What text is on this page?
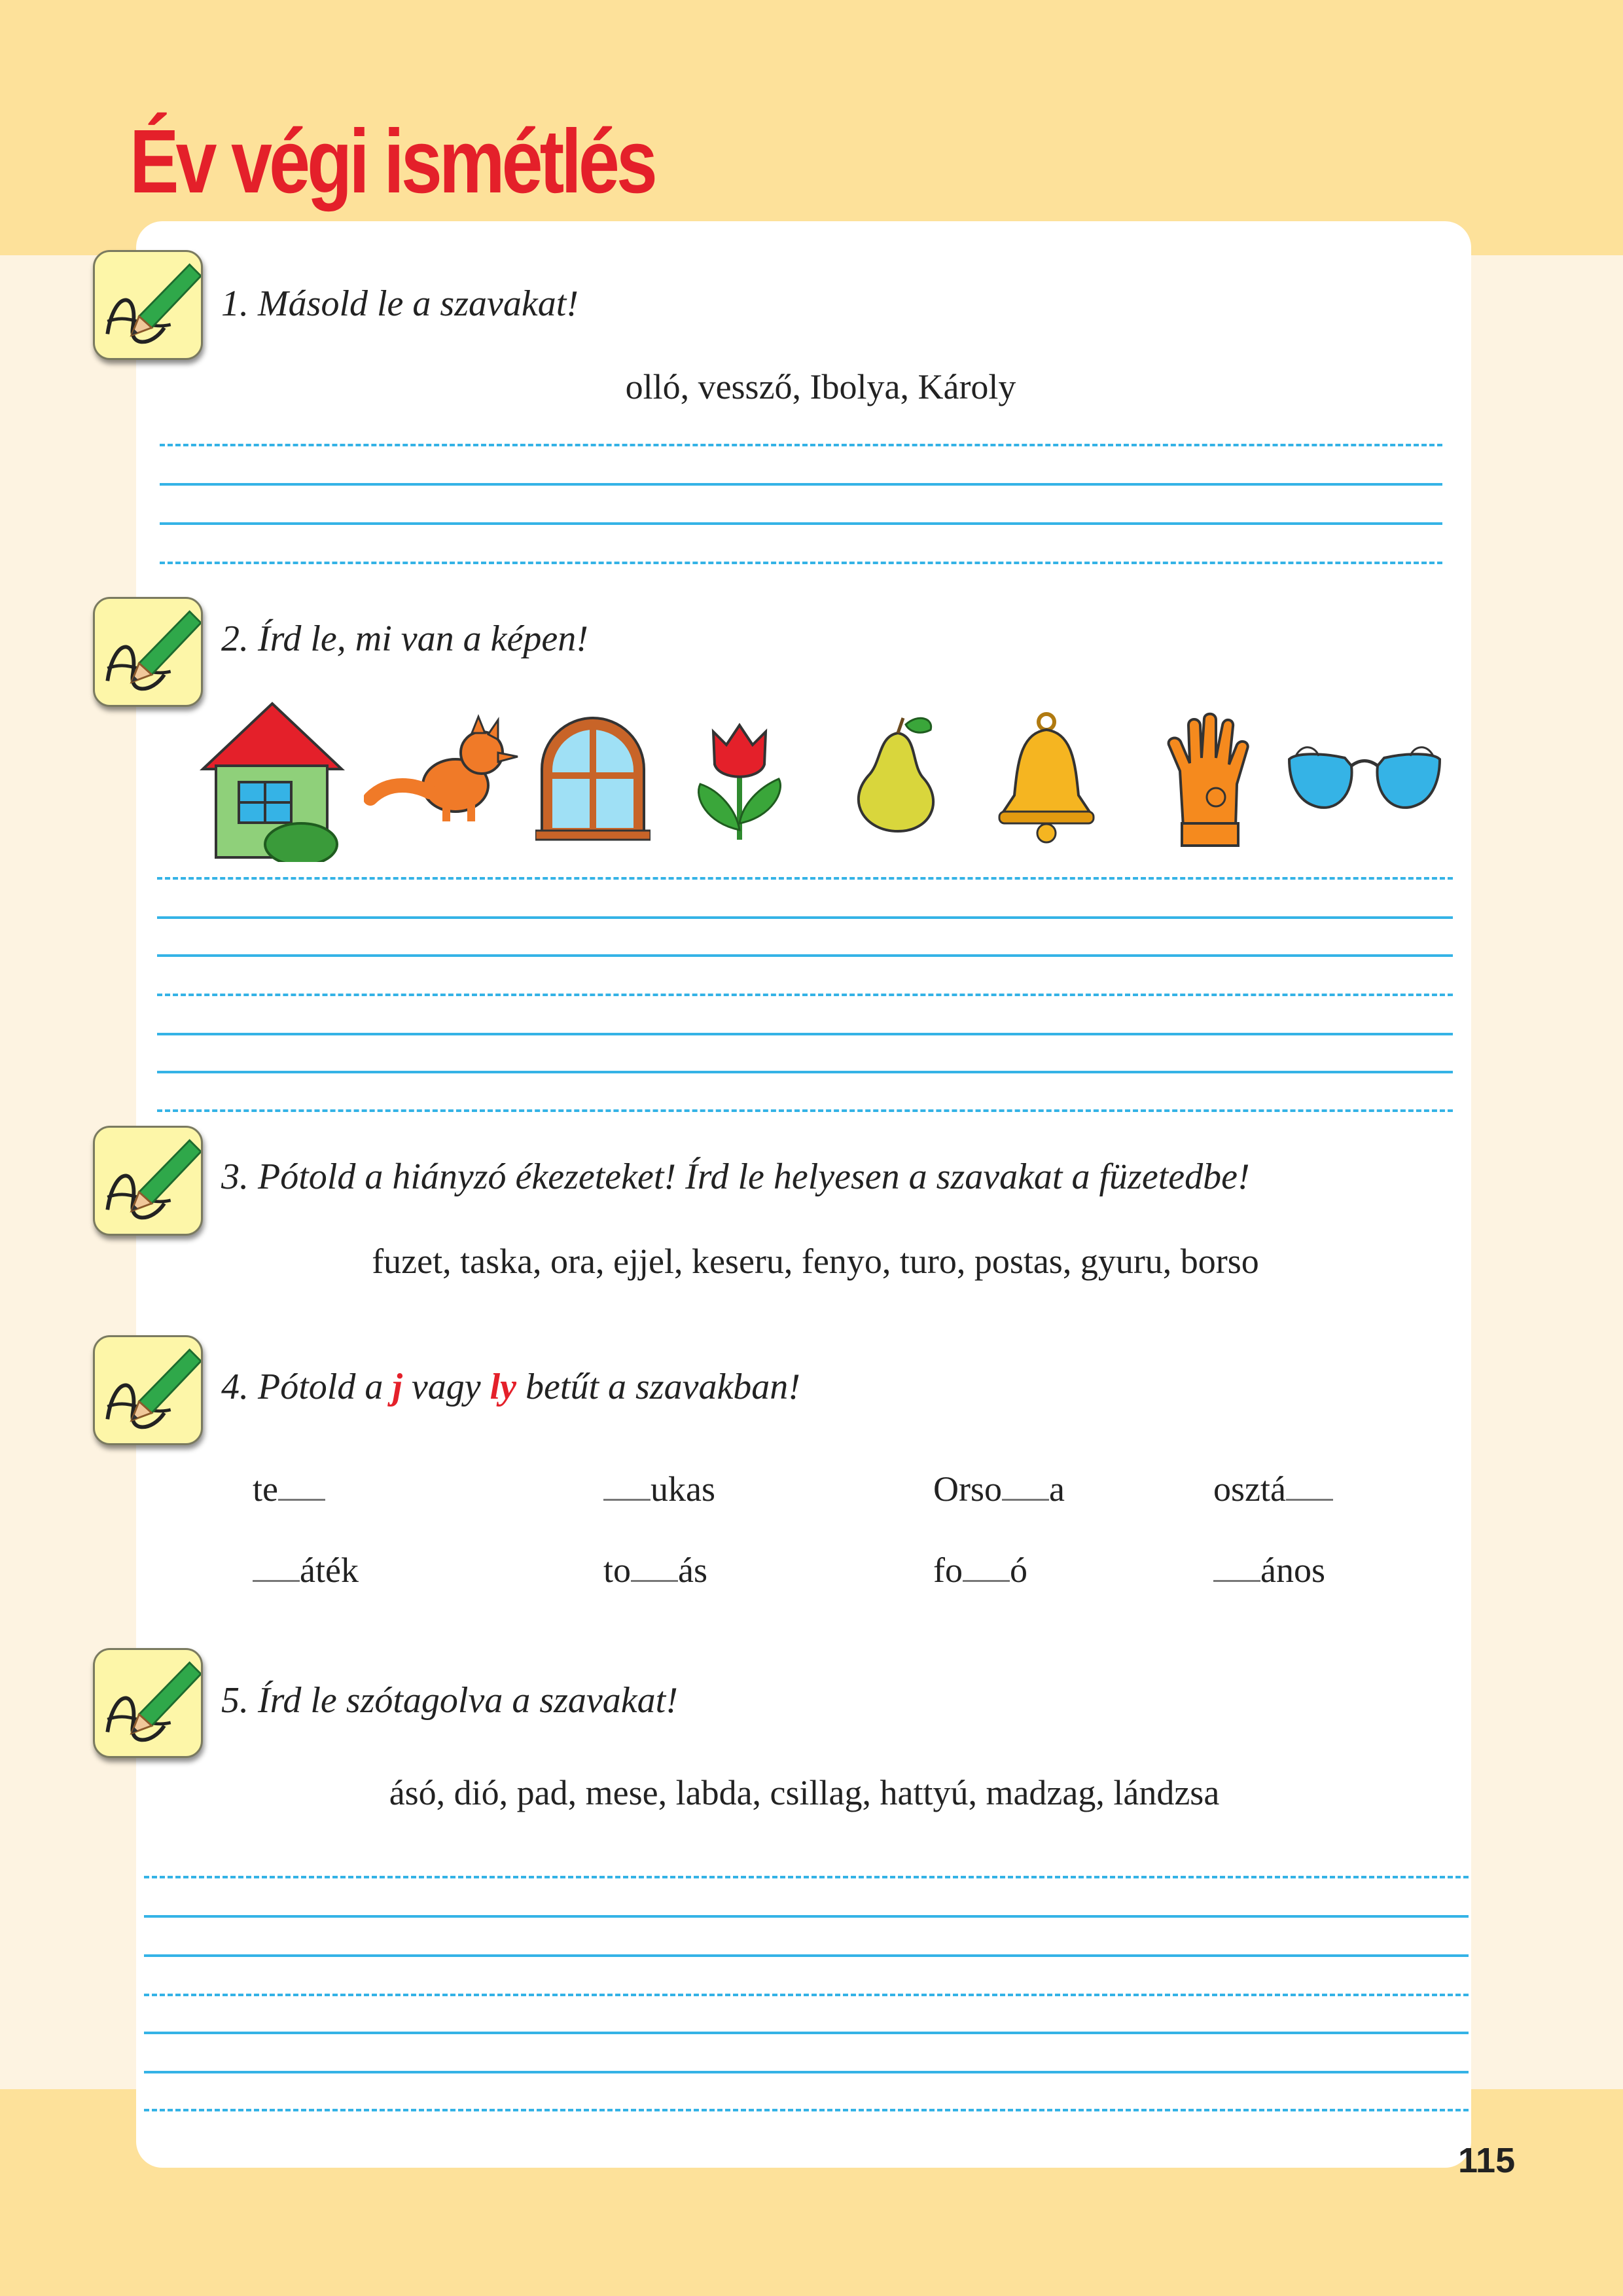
Év végi ismétlés
115
1. Másold le a szavakat!
olló, vessző, Ibolya, Károly
2. Írd le, mi van a képen!
3. Pótold a hiányzó ékezeteket! Írd le helyesen a szavakat a füzetedbe!
fuzet, taska, ora, ejjel, keseru, fenyo, turo, postas, gyuru, borso
4. Pótold a j vagy ly betűt a szavakban!
te	ukas	Orso a	osztá
áték	to ás	fo ó	ános
5. Írd le szótagolva a szavakat!
ásó, dió, pad, mese, labda, csillag, hattyú, madzag, lándzsa
